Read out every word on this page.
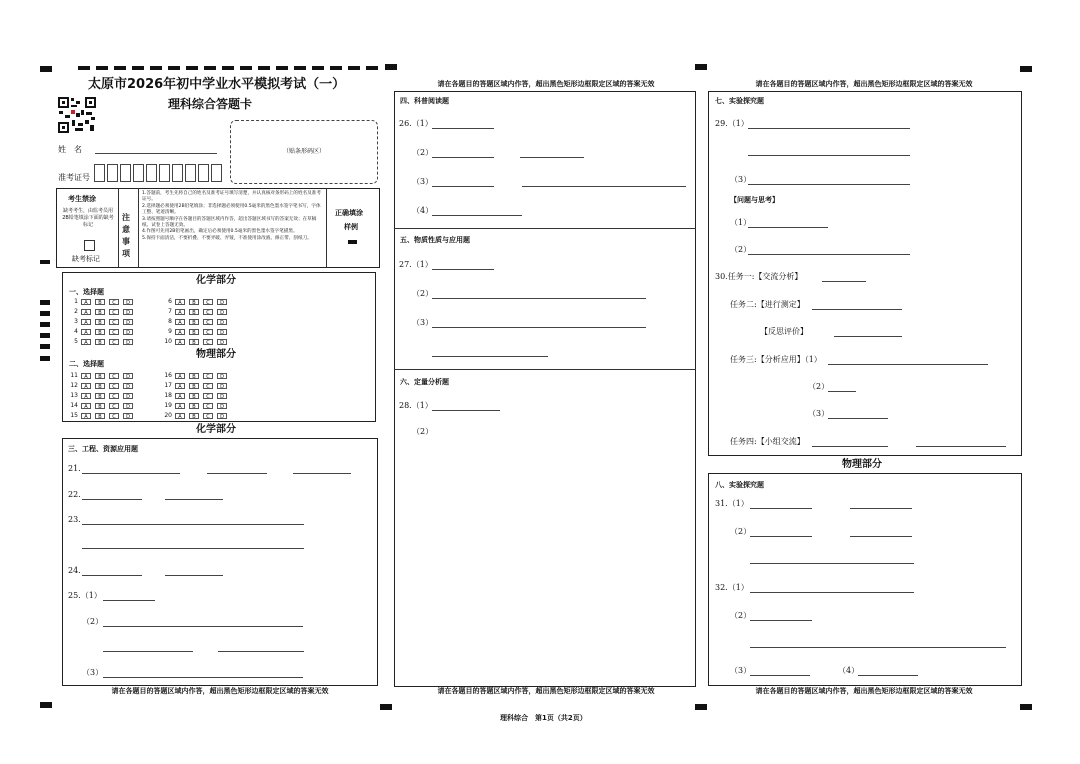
太原市2026年初中学业水平模拟考试（一）
理科综合答题卡
姓　名
准考证号
（贴条形码区）
考生禁涂
缺考考生，由监考员用2B铅笔填涂下面的缺考标记
缺考标记
注意事项
1.答题前，考生先将自己的姓名及准考证号填写清楚，并认真核对条形码上的姓名及准考证号。
2.选择题必须使用2B铅笔填涂；非选择题必须使用0.5毫米的黑色墨水签字笔书写，字体工整、笔迹清晰。
3.请按照题号顺序在各题目的答题区域内作答，超出答题区域书写的答案无效；在草稿纸、试卷上答题无效。
4.作图可先用2B铅笔画出，确定后必须使用0.5毫米的黑色墨水签字笔描黑。
5.保持卡面清洁，不要折叠、不要弄破、弄皱，不准使用涂改液、修正带、刮纸刀。
正确填涂
样例
化学部分
一、选择题
物理部分
二、选择题
1 A B C D
2 A B C D
3 A B C D
4 A B C D
5 A B C D
6 A B C D
7 A B C D
8 A B C D
9 A B C D
10 A B C D
11 A B C D
12 A B C D
13 A B C D
14 A B C D
15 A B C D
16 A B C D
17 A B C D
18 A B C D
19 A B C D
20 A B C D
化学部分
三、工程、资源应用题
21.
22.
23.
24.
25.（1）
（2）
（3）
请在各题目的答题区域内作答，超出黑色矩形边框限定区域的答案无效
请在各题目的答题区域内作答，超出黑色矩形边框限定区域的答案无效
四、科普阅读题
26.（1）
（2）
（3）
（4）
五、物质性质与应用题
27.（1）
（2）
（3）
六、定量分析题
28.（1）
（2）
请在各题目的答题区域内作答，超出黑色矩形边框限定区域的答案无效
请在各题目的答题区域内作答，超出黑色矩形边框限定区域的答案无效
七、实验探究题
29.（1）
（3）
【问题与思考】
（1）
（2）
30.任务一:【交流分析】
任务二:【进行测定】
【反思评价】
任务三:【分析应用】（1）
（2）
（3）
任务四:【小组交流】
物理部分
八、实验探究题
31.（1）
（2）
32.（1）
（2）
（3）	（4）
请在各题目的答题区域内作答，超出黑色矩形边框限定区域的答案无效
理科综合　第1页（共2页）
